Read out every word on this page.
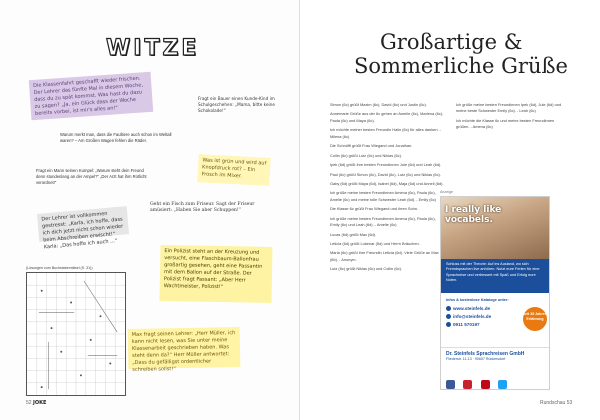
WITZE
Die Klassenfahrt geschafft wieder frischen. Der Lehrer das fünfte Mal in diesem Woche, dass du zu spät kommst. Was hast du dazu zu sagen? „Ja, ein Glück dass der Woche bereits vorbei, ist mir's alles an!“
Warum merkt man, dass die Faultiere auch schon im Weltall waren? – Am Großen Wagen fehlen die Räder.
Fragt ein Bauer einen Kunde-Kind im Schulgeschehen: „Mama, bitte keine Schokolade!“
Was ist grün und wird auf Knopfdruck rot? – Ein Frosch im Mixer.
Fragt ein Mann seinen Kumpel: „Warum steht dein Freund denn stundenlang an der Ampel?“ „Der Arzt hat ihm Rotlicht verordnet!“
Der Lehrer ist vollkommen gestresst: „Karla, ich hoffe, dass ich dich jetzt nicht schon wieder beim Abschreiben erwischt!“ Karla: „Das hoffe ich auch ...“
Geht ein Fisch zum Friseur. Sagt der Friseur amüsiert: „Haben Sie aber Schuppen!“
Ein Polizist steht an der Kreuzung und versucht, eine Flaschbaum-Ballonfrau großartig gesehen, geht eine Passantin mit dem Ballon auf der Straße. Der Polizist fragt Passant: „Aber Herr Wachtmeister, Polizist!“
Max fragt seinen Lehrer: „Herr Müller, ich kann nicht lesen, was Sie unter meine Klassenarbeit geschrieben haben. Was steht denn da?“ Herr Müller antwortet: „Dass du gefälligst ordentlicher schreiben sollst!“
(Lösungen zum Buchstabenrätsel (S. 31))
52 JOKE
Großartige &
Sommerliche Grüße

Simon (6c) grüßt Maxim (6c), David (6c) und Justin (6c).

Annemarie Grüße aus der 6c gehen an Amelie (6c), Marlena (6c), Paula (6c) und Maya (6c).

Ich möchte meiner besten Freundin Halin (6c) für alles danken. - Milena (6c)

Die Schnüffl grüßt Frau Wiegand und Jonathan.

Collin (6c) grüßt Lutz (6c) und Niklas (6c).

Ipek (6d) grüßt ihre besten Freundinnen Jule (6d) und Leah (6d).

Paul (6c) grüßt Simon (6c), David (6c), Lutz (6c) und Niklas (6c).

Gaby (6d) grüßt Maya (6d), Isabel (6d), Maja (6d) und Anneli (6d).

Ich grüße meine besten Freundinnen Amena (6c), Paula (6c), Amelie (6c) und meine tolle Schwester Leah (6d). - Emily (6c)

Die Klasse 6c grüßt Frau Wiegand und ihren Sohn.

Ich grüße meine besten Freundinnen Amena (6c), Paula (6c), Emily (6c) und Leah (6d). - Amelie (6c)

Lucas (6d) grüßt Max (6d).

Leticia (6d) grüßt Lukenar (5d) und Herrn Bräuchen.

Maria (6c) grüßt ihre Freundin Leticia (6d). Viele Grüße an Max (6b). - Anonym.

Lutz (6c) grüßt Niklas (6c) und Collin (6c).

Ich grüße meine besten Freundinnen Ipek (6d), Jule (6d) und meine beste Schwester Emily (6c). - Leah (6c)

Ich möchte die Klasse 6c und meine besten Freundinnen grüßen. - Amena (6c)

Anzeige
I really like vocabels.
Schluss mit der Theorie: Auf ins Ausland, wo sich Fremdsprachen live anhören. Nutzt eure Ferien für eine Sprachreise und verbessert mit Spaß und Erfolg eure Noten.
Infos & kostenlose Kataloge unter:
www.steinfels.de
info@steinfels.de
0911 570197
seit 35 Jahren Erfahrung
Dr. Steinfels Sprachreisen GmbH
Fliederstr. 11-13 · 90607 Rückersdorf

Rundschau 53
